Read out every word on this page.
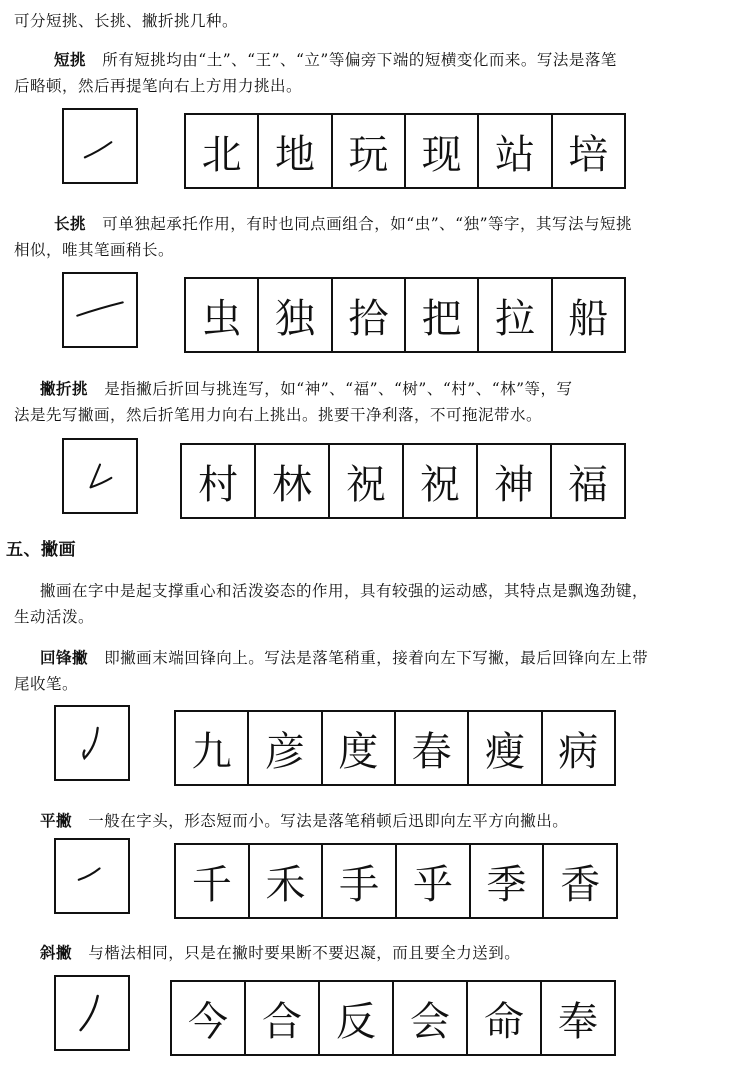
可分短挑、长挑、撇折挑几种。
短挑 所有短挑均由“土”、“王”、“立”等偏旁下端的短横变化而来。写法是落笔
后略顿，然后再提笔向右上方用力挑出。
北 地 玩 现 站 培
长挑 可单独起承托作用，有时也同点画组合，如“虫”、“独”等字，其写法与短挑
相似，唯其笔画稍长。
虫 独 拾 把 拉 船
撇折挑 是指撇后折回与挑连写，如“神”、“福”、“树”、“村”、“林”等，写
法是先写撇画，然后折笔用力向右上挑出。挑要干净利落，不可拖泥带水。
村 林 祝 祝 神 福
五、撇画
撇画在字中是起支撑重心和活泼姿态的作用，具有较强的运动感，其特点是飘逸劲键，
生动活泼。
回锋撇 即撇画末端回锋向上。写法是落笔稍重，接着向左下写撇，最后回锋向左上带
尾收笔。
九 彦 度 春 瘦 病
平撇 一般在字头，形态短而小。写法是落笔稍顿后迅即向左平方向撇出。
千 禾 手 乎 季 香
斜撇 与楷法相同，只是在撇时要果断不要迟凝，而且要全力送到。
今 合 反 会 命 奉
